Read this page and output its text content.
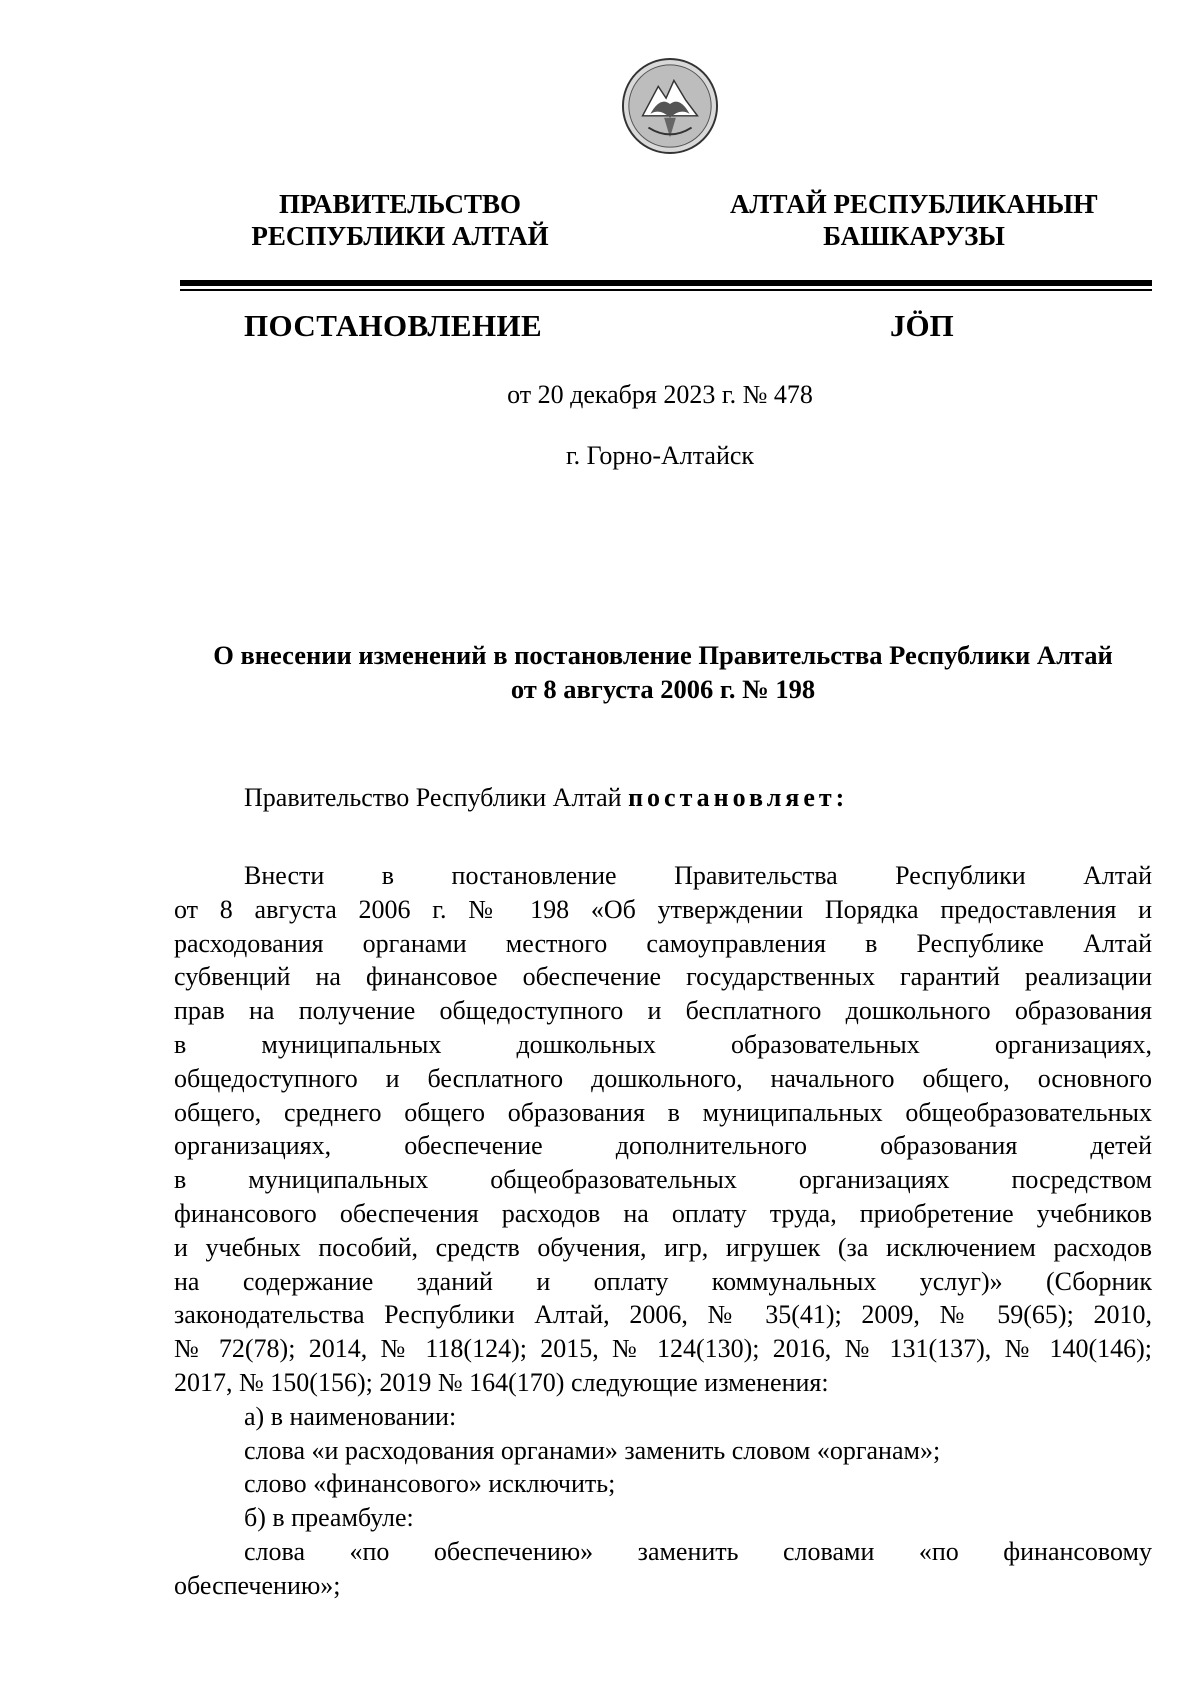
ПРАВИТЕЛЬСТВО
РЕСПУБЛИКИ АЛТАЙ
АЛТАЙ РЕСПУБЛИКАНЫҤ
БАШКАРУЗЫ
ПОСТАНОВЛЕНИЕ	JÖП
от 20 декабря 2023 г. № 478
г. Горно-Алтайск
О внесении изменений в постановление Правительства Республики Алтай
от 8 августа 2006 г. № 198

Правительство Республики Алтай постановляет:

Внести в постановление Правительства Республики Алтай
от 8 августа 2006 г. № 198 «Об утверждении Порядка предоставления и
расходования органами местного самоуправления в Республике Алтай
субвенций на финансовое обеспечение государственных гарантий реализации
прав на получение общедоступного и бесплатного дошкольного образования
в муниципальных дошкольных образовательных организациях,
общедоступного и бесплатного дошкольного, начального общего, основного
общего, среднего общего образования в муниципальных общеобразовательных
организациях, обеспечение дополнительного образования детей
в муниципальных общеобразовательных организациях посредством
финансового обеспечения расходов на оплату труда, приобретение учебников
и учебных пособий, средств обучения, игр, игрушек (за исключением расходов
на содержание зданий и оплату коммунальных услуг)» (Сборник
законодательства Республики Алтай, 2006, № 35(41); 2009, № 59(65); 2010,
№ 72(78); 2014, № 118(124); 2015, № 124(130); 2016, № 131(137), № 140(146);
2017, № 150(156); 2019 № 164(170) следующие изменения:
а) в наименовании:
слова «и расходования органами» заменить словом «органам»;
слово «финансового» исключить;
б) в преамбуле:
слова «по обеспечению» заменить словами «по финансовому
обеспечению»;
